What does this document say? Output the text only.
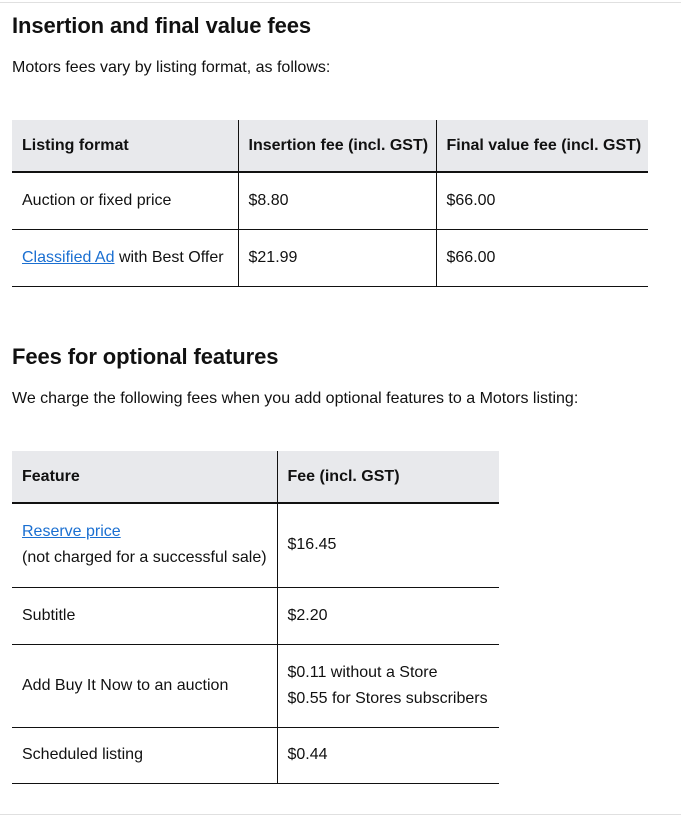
Insertion and final value fees

Motors fees vary by listing format, as follows:

Listing format	Insertion fee (incl. GST)	Final value fee (incl. GST)
Auction or fixed price	$8.80	$66.00
Classified Ad with Best Offer	$21.99	$66.00
Fees for optional features

We charge the following fees when you add optional features to a Motors listing:

Feature	Fee (incl. GST)

Reserve price
(not charged for a successful sale)	$16.45
Subtitle	$2.20
Add Buy It Now to an auction	$0.11 without a Store
$0.55 for Stores subscribers

Scheduled listing	$0.44
